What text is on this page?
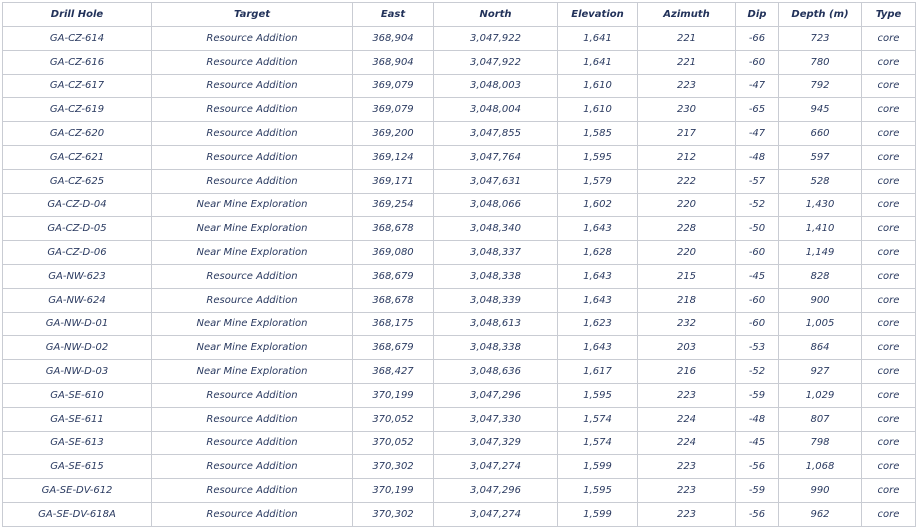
Drill Hole	Target	East	North	Elevation	Azimuth	Dip	Depth (m)	Type
GA-CZ-614	Resource Addition	368,904	3,047,922	1,641	221	-66	723	core
GA-CZ-616	Resource Addition	368,904	3,047,922	1,641	221	-60	780	core
GA-CZ-617	Resource Addition	369,079	3,048,003	1,610	223	-47	792	core
GA-CZ-619	Resource Addition	369,079	3,048,004	1,610	230	-65	945	core
GA-CZ-620	Resource Addition	369,200	3,047,855	1,585	217	-47	660	core
GA-CZ-621	Resource Addition	369,124	3,047,764	1,595	212	-48	597	core
GA-CZ-625	Resource Addition	369,171	3,047,631	1,579	222	-57	528	core
GA-CZ-D-04	Near Mine Exploration	369,254	3,048,066	1,602	220	-52	1,430	core
GA-CZ-D-05	Near Mine Exploration	368,678	3,048,340	1,643	228	-50	1,410	core
GA-CZ-D-06	Near Mine Exploration	369,080	3,048,337	1,628	220	-60	1,149	core
GA-NW-623	Resource Addition	368,679	3,048,338	1,643	215	-45	828	core
GA-NW-624	Resource Addition	368,678	3,048,339	1,643	218	-60	900	core
GA-NW-D-01	Near Mine Exploration	368,175	3,048,613	1,623	232	-60	1,005	core
GA-NW-D-02	Near Mine Exploration	368,679	3,048,338	1,643	203	-53	864	core
GA-NW-D-03	Near Mine Exploration	368,427	3,048,636	1,617	216	-52	927	core
GA-SE-610	Resource Addition	370,199	3,047,296	1,595	223	-59	1,029	core
GA-SE-611	Resource Addition	370,052	3,047,330	1,574	224	-48	807	core
GA-SE-613	Resource Addition	370,052	3,047,329	1,574	224	-45	798	core
GA-SE-615	Resource Addition	370,302	3,047,274	1,599	223	-56	1,068	core
GA-SE-DV-612	Resource Addition	370,199	3,047,296	1,595	223	-59	990	core
GA-SE-DV-618A	Resource Addition	370,302	3,047,274	1,599	223	-56	962	core
